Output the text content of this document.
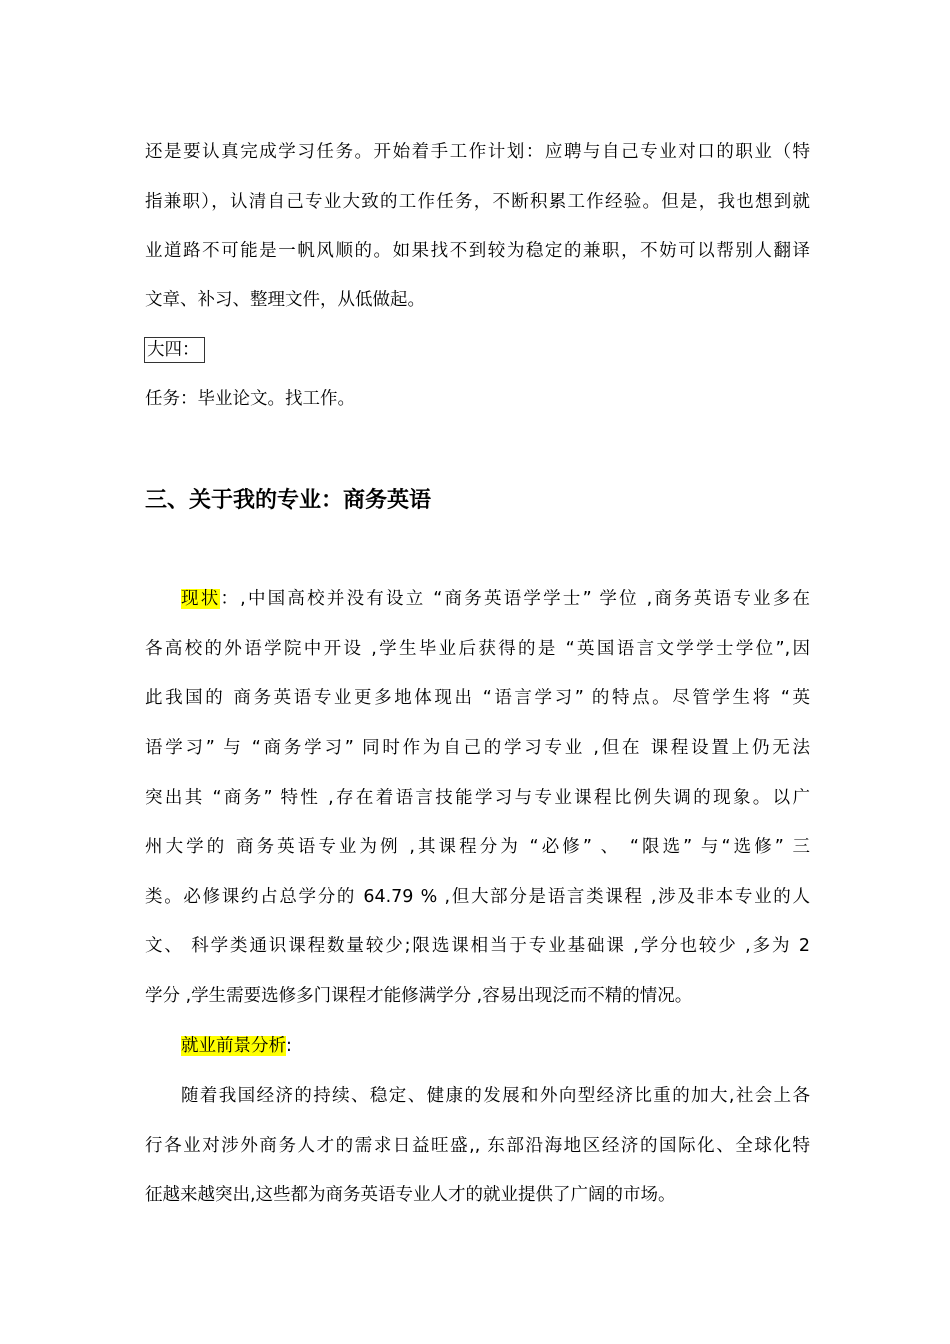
还是要认真完成学习任务。开始着手工作计划：应聘与自己专业对口的职业（特
指兼职），认清自己专业大致的工作任务，不断积累工作经验。但是，我也想到就
业道路不可能是一帆风顺的。如果找不到较为稳定的兼职，不妨可以帮别人翻译
文章、补习、整理文件，从低做起。
大四：
任务：毕业论文。找工作。
三、关于我的专业：商务英语
现状：,中国高校并没有设立 “商务英语学学士” 学位 ,商务英语专业多在
各高校的外语学院中开设 ,学生毕业后获得的是 “英国语言文学学士学位”,因
此我国的 商务英语专业更多地体现出 “语言学习” 的特点。尽管学生将 “英
语学习” 与 “商务学习” 同时作为自己的学习专业 ,但在 课程设置上仍无法
突出其 “商务” 特性 ,存在着语言技能学习与专业课程比例失调的现象。以广
州大学的 商务英语专业为例 ,其课程分为 “必修” 、 “限选” 与“选修” 三
类。必修课约占总学分的 64.79 % ,但大部分是语言类课程 ,涉及非本专业的人
文、 科学类通识课程数量较少;限选课相当于专业基础课 ,学分也较少 ,多为 2
学分 ,学生需要选修多门课程才能修满学分 ,容易出现泛而不精的情况。
就业前景分析:
随着我国经济的持续、稳定、健康的发展和外向型经济比重的加大,社会上各
行各业对涉外商务人才的需求日益旺盛,, 东部沿海地区经济的国际化、全球化特
征越来越突出,这些都为商务英语专业人才的就业提供了广阔的市场。
